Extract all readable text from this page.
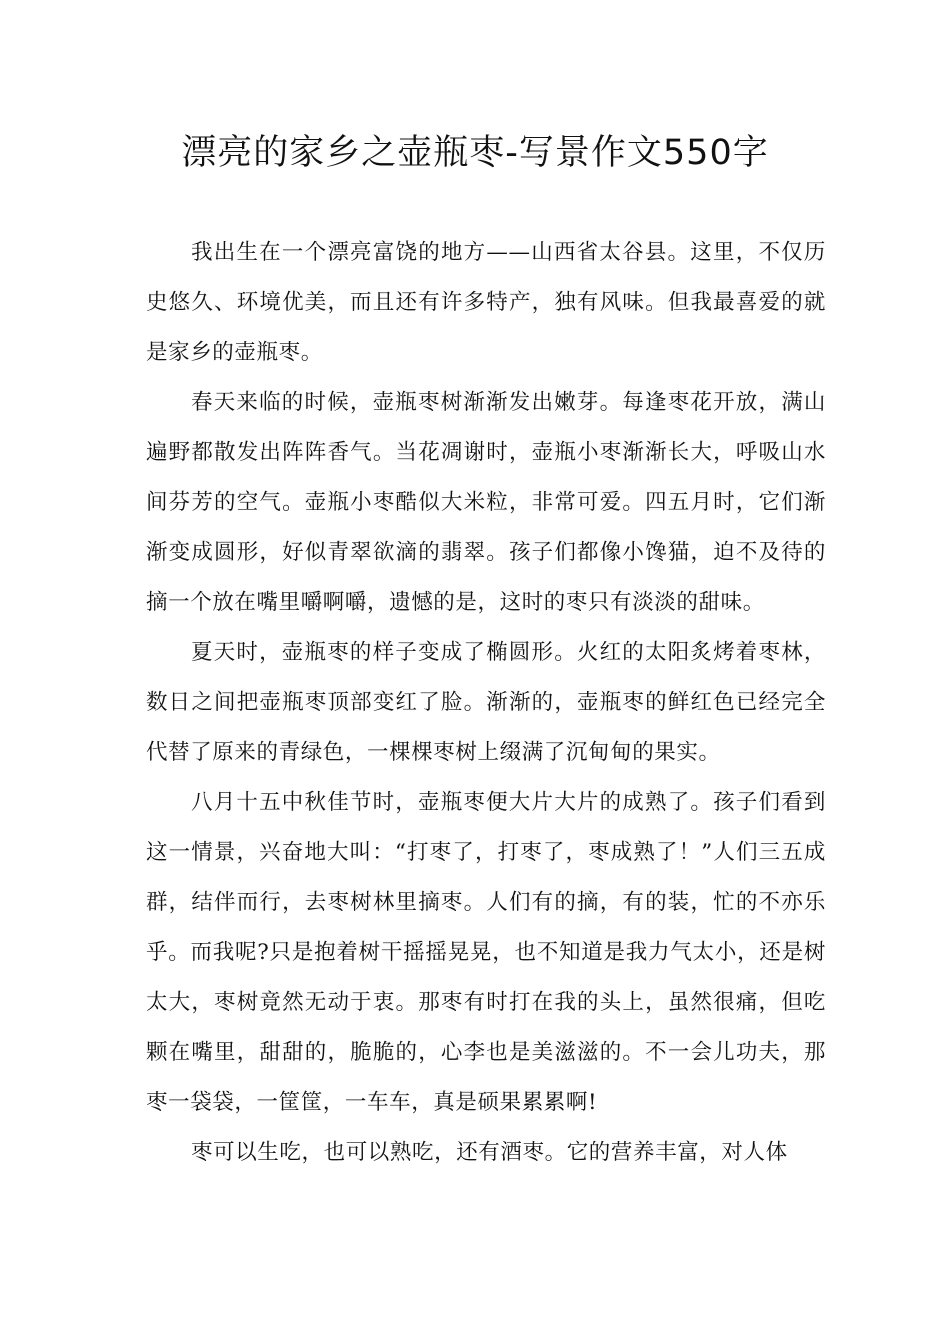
漂亮的家乡之壶瓶枣-写景作文550字

我出生在一个漂亮富饶的地方——山西省太谷县。这里，不仅历史悠久、环境优美，而且还有许多特产，独有风味。但我最喜爱的就是家乡的壶瓶枣。

春天来临的时候，壶瓶枣树渐渐发出嫩芽。每逢枣花开放，满山遍野都散发出阵阵香气。当花凋谢时，壶瓶小枣渐渐长大，呼吸山水间芬芳的空气。壶瓶小枣酷似大米粒，非常可爱。四五月时，它们渐渐变成圆形，好似青翠欲滴的翡翠。孩子们都像小馋猫，迫不及待的摘一个放在嘴里嚼啊嚼，遗憾的是，这时的枣只有淡淡的甜味。

夏天时，壶瓶枣的样子变成了椭圆形。火红的太阳炙烤着枣林，数日之间把壶瓶枣顶部变红了脸。渐渐的，壶瓶枣的鲜红色已经完全代替了原来的青绿色，一棵棵枣树上缀满了沉甸甸的果实。

八月十五中秋佳节时，壶瓶枣便大片大片的成熟了。孩子们看到这一情景，兴奋地大叫：“打枣了，打枣了，枣成熟了！”人们三五成群，结伴而行，去枣树林里摘枣。人们有的摘，有的装，忙的不亦乐乎。而我呢?只是抱着树干摇摇晃晃，也不知道是我力气太小，还是树太大，枣树竟然无动于衷。那枣有时打在我的头上，虽然很痛，但吃颗在嘴里，甜甜的，脆脆的，心李也是美滋滋的。不一会儿功夫，那枣一袋袋，一筐筐，一车车，真是硕果累累啊!

枣可以生吃，也可以熟吃，还有酒枣。它的营养丰富，对人体
